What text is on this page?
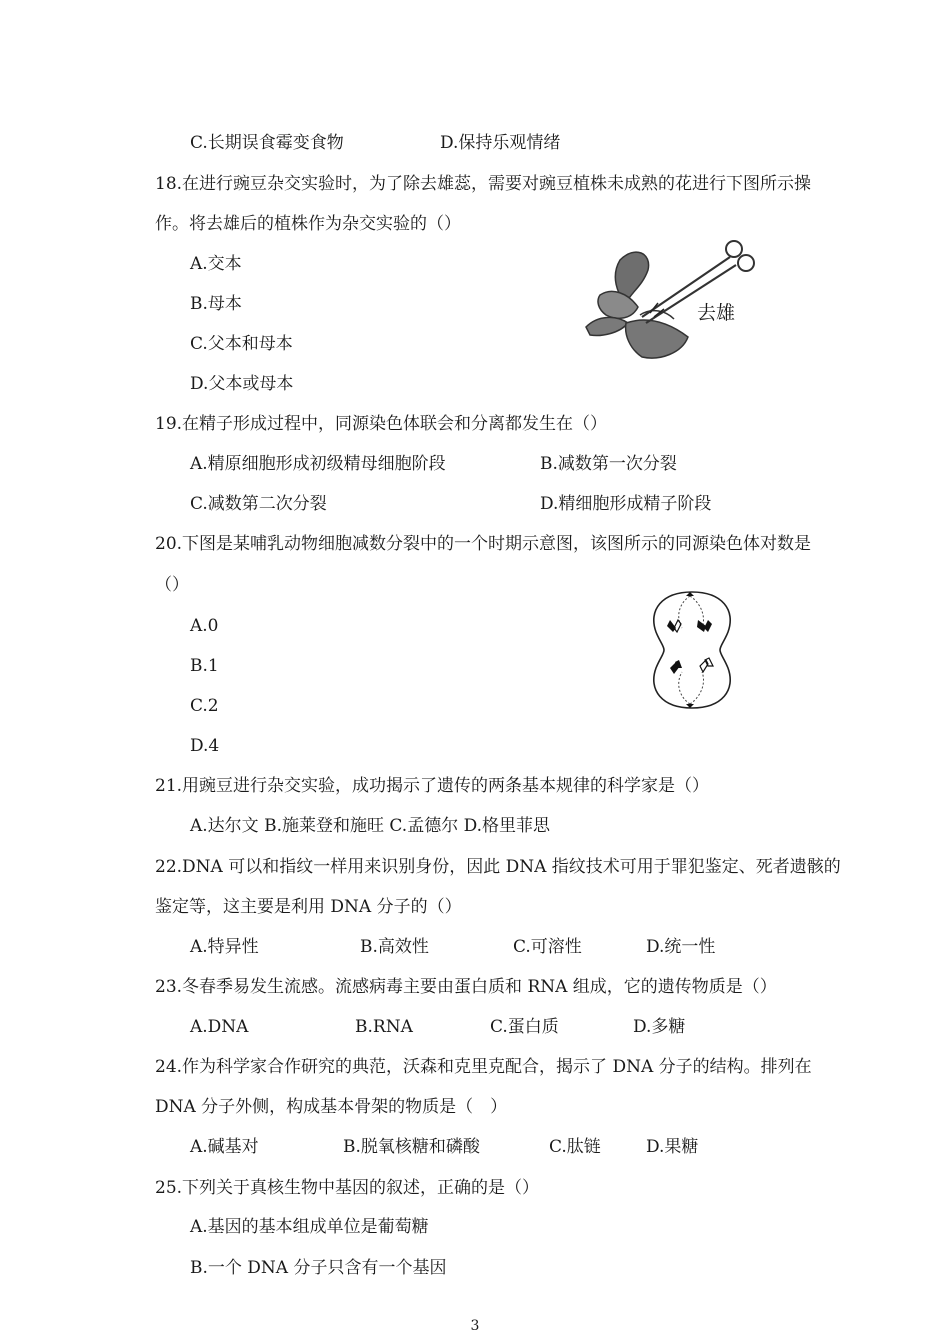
C.长期误食霉变食物	D.保持乐观情绪
18.在进行豌豆杂交实验时，为了除去雄蕊，需要对豌豆植株未成熟的花进行下图所示操
作。将去雄后的植株作为杂交实验的（）
A.交本
B.母本
C.父本和母本
D.父本或母本
去雄
19.在精子形成过程中，同源染色体联会和分离都发生在（）
A.精原细胞形成初级精母细胞阶段	B.减数第一次分裂
C.减数第二次分裂	D.精细胞形成精子阶段
20.下图是某哺乳动物细胞减数分裂中的一个时期示意图，该图所示的同源染色体对数是
（）
A.0
B.1
C.2
D.4
21.用豌豆进行杂交实验，成功揭示了遗传的两条基本规律的科学家是（）
A.达尔文 B.施莱登和施旺 C.孟德尔 D.格里菲思
22.DNA 可以和指纹一样用来识别身份，因此 DNA 指纹技术可用于罪犯鉴定、死者遗骸的
鉴定等，这主要是利用 DNA 分子的（）
A.特异性	B.高效性	C.可溶性	D.统一性
23.冬春季易发生流感。流感病毒主要由蛋白质和 RNA 组成，它的遗传物质是（）
A.DNA	B.RNA	C.蛋白质	D.多糖
24.作为科学家合作研究的典范，沃森和克里克配合，揭示了 DNA 分子的结构。排列在
DNA 分子外侧，构成基本骨架的物质是（　）
A.碱基对	B.脱氧核糖和磷酸	C.肽链	D.果糖
25.下列关于真核生物中基因的叙述，正确的是（）
A.基因的基本组成单位是葡萄糖
B.一个 DNA 分子只含有一个基因
3
